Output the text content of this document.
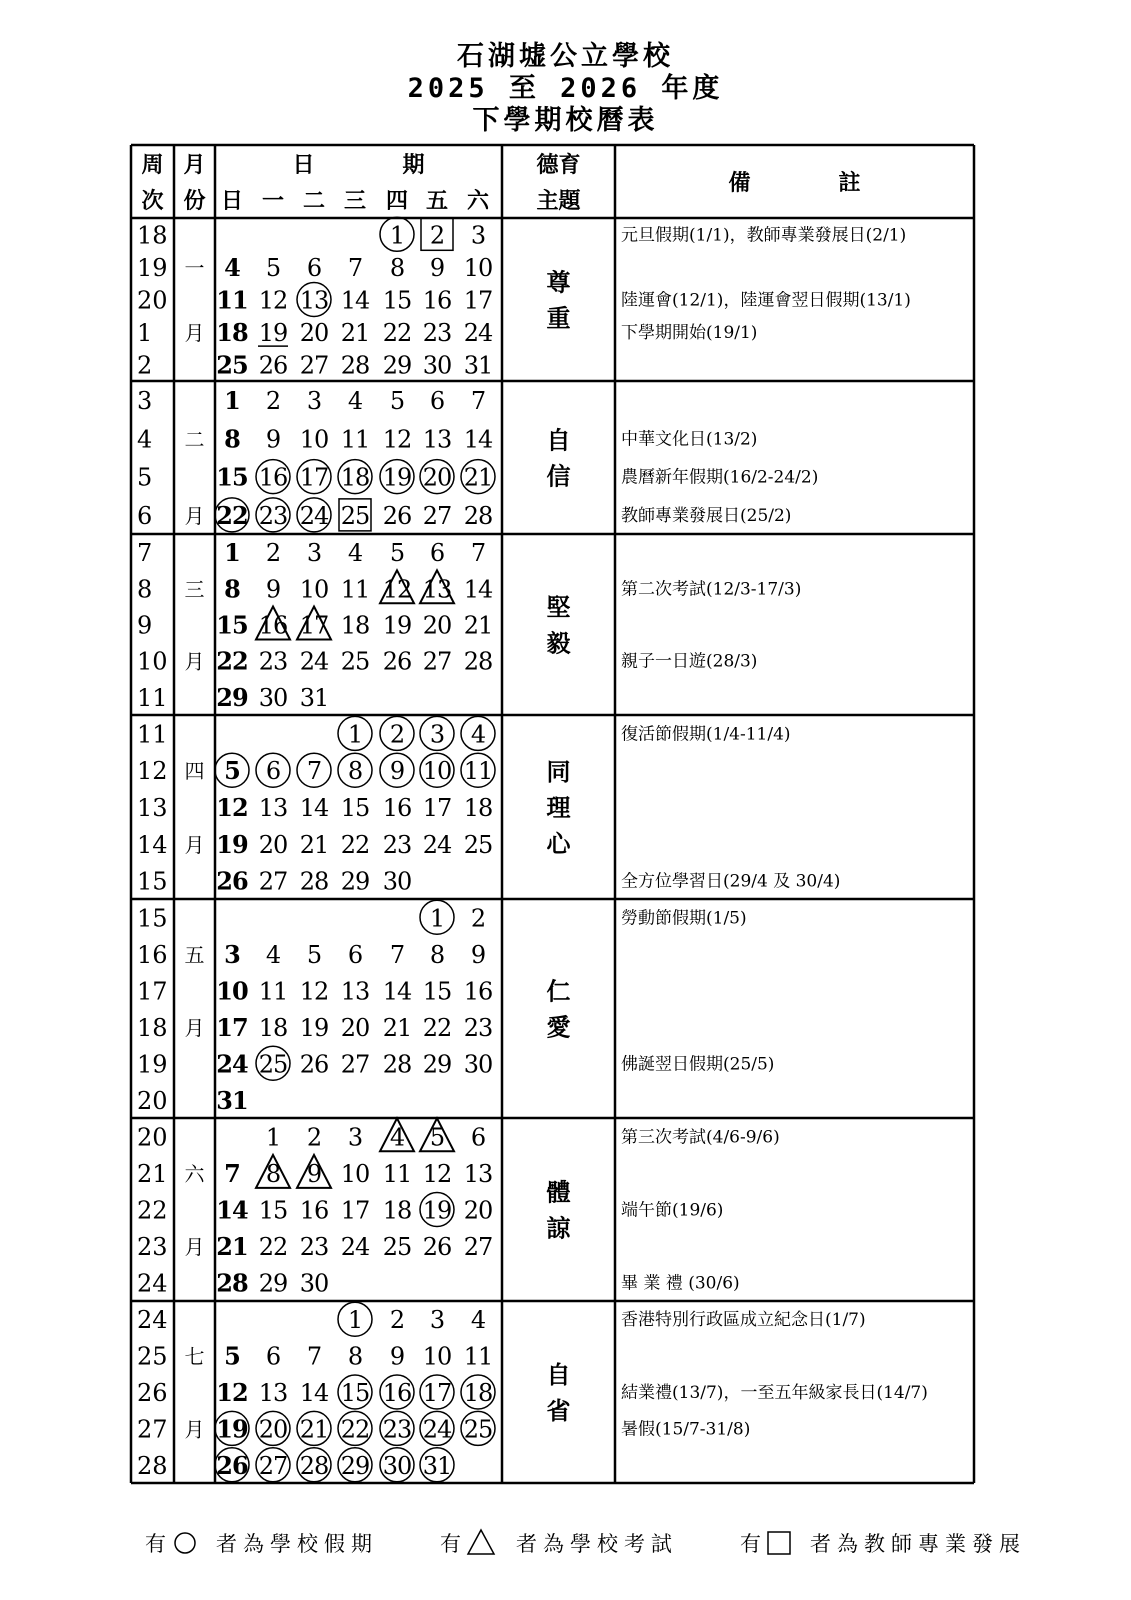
石湖墟公立學校
2025 至 2026 年度
下學期校曆表
周
次
月
份
日　　　　期
日 一 二 三 四 五 六
德育
主題
備　　　　註
18
19
20
1
2
一
月
尊
重
1 2 3
4 5 6 7 8 9 10
11 12 13 14 15 16 17
18 19 20 21 22 23 24
25 26 27 28 29 30 31
元旦假期(1/1)，教師專業發展日(2/1)
陸運會(12/1)，陸運會翌日假期(13/1)
下學期開始(19/1)
3
4
5
6
二
月
自
信
1 2 3 4 5 6 7
8 9 10 11 12 13 14
15 16 17 18 19 20 21
22 23 24 25 26 27 28
中華文化日(13/2)
農曆新年假期(16/2-24/2)
教師專業發展日(25/2)
7
8
9
10
11
三
月
堅
毅
1 2 3 4 5 6 7
8 9 10 11 12 13 14
15 16 17 18 19 20 21
22 23 24 25 26 27 28
29 30 31
第二次考試(12/3-17/3)
親子一日遊(28/3)
11
12
13
14
15
四
月
同
理
心
1 2 3 4
5 6 7 8 9 10 11
12 13 14 15 16 17 18
19 20 21 22 23 24 25
26 27 28 29 30
復活節假期(1/4-11/4)
全方位學習日(29/4 及 30/4)
15
16
17
18
19
20
五
月
仁
愛
1 2
3 4 5 6 7 8 9
10 11 12 13 14 15 16
17 18 19 20 21 22 23
24 25 26 27 28 29 30
31
勞動節假期(1/5)
佛誕翌日假期(25/5)
20
21
22
23
24
六
月
體
諒
1 2 3 4 5 6
7 8 9 10 11 12 13
14 15 16 17 18 19 20
21 22 23 24 25 26 27
28 29 30
第三次考試(4/6-9/6)
端午節(19/6)
畢 業 禮 (30/6)
24
25
26
27
28
七
月
自
省
1 2 3 4
5 6 7 8 9 10 11
12 13 14 15 16 17 18
19 20 21 22 23 24 25
26 27 28 29 30 31
香港特別行政區成立紀念日(1/7)
結業禮(13/7)，一至五年級家長日(14/7)
暑假(15/7-31/8)
有 者為學校假期	有 者為學校考試	有 者為教師專業發展
